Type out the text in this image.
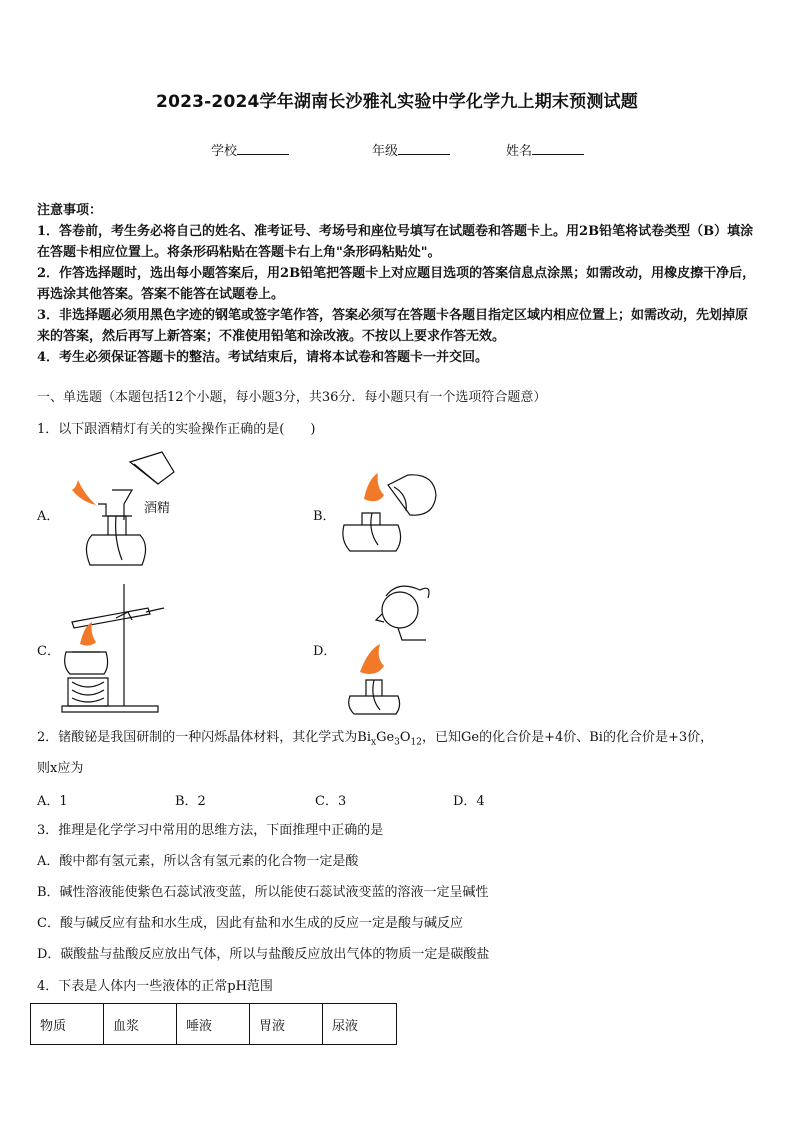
2023-2024学年湖南长沙雅礼实验中学化学九上期末预测试题
学校	年级	姓名
注意事项：
1．答卷前，考生务必将自己的姓名、准考证号、考场号和座位号填写在试题卷和答题卡上。用2B铅笔将试卷类型（B）填涂在答题卡相应位置上。将条形码粘贴在答题卡右上角"条形码粘贴处"。
2．作答选择题时，选出每小题答案后，用2B铅笔把答题卡上对应题目选项的答案信息点涂黑；如需改动，用橡皮擦干净后，再选涂其他答案。答案不能答在试题卷上。
3．非选择题必须用黑色字迹的钢笔或签字笔作答，答案必须写在答题卡各题目指定区域内相应位置上；如需改动，先划掉原来的答案，然后再写上新答案；不准使用铅笔和涂改液。不按以上要求作答无效。
4．考生必须保证答题卡的整洁。考试结束后，请将本试卷和答题卡一并交回。
一、单选题（本题包括12个小题，每小题3分，共36分．每小题只有一个选项符合题意）
1．以下跟酒精灯有关的实验操作正确的是(　　)
A．	B．
C．	D．
酒精
2．锗酸铋是我国研制的一种闪烁晶体材料，其化学式为$Bi_xGe_3O_{12}$，已知Ge的化合价是+4价、Bi的化合价是+3价，
则x应为
A．1	B．2	C．3	D．4
3．推理是化学学习中常用的思维方法，下面推理中正确的是
A．酸中都有氢元素，所以含有氢元素的化合物一定是酸
B．碱性溶液能使紫色石蕊试液变蓝，所以能使石蕊试液变蓝的溶液一定呈碱性
C．酸与碱反应有盐和水生成，因此有盐和水生成的反应一定是酸与碱反应
D．碳酸盐与盐酸反应放出气体，所以与盐酸反应放出气体的物质一定是碳酸盐
4．下表是人体内一些液体的正常pH范围
物质	血浆	唾液	胃液	尿液
